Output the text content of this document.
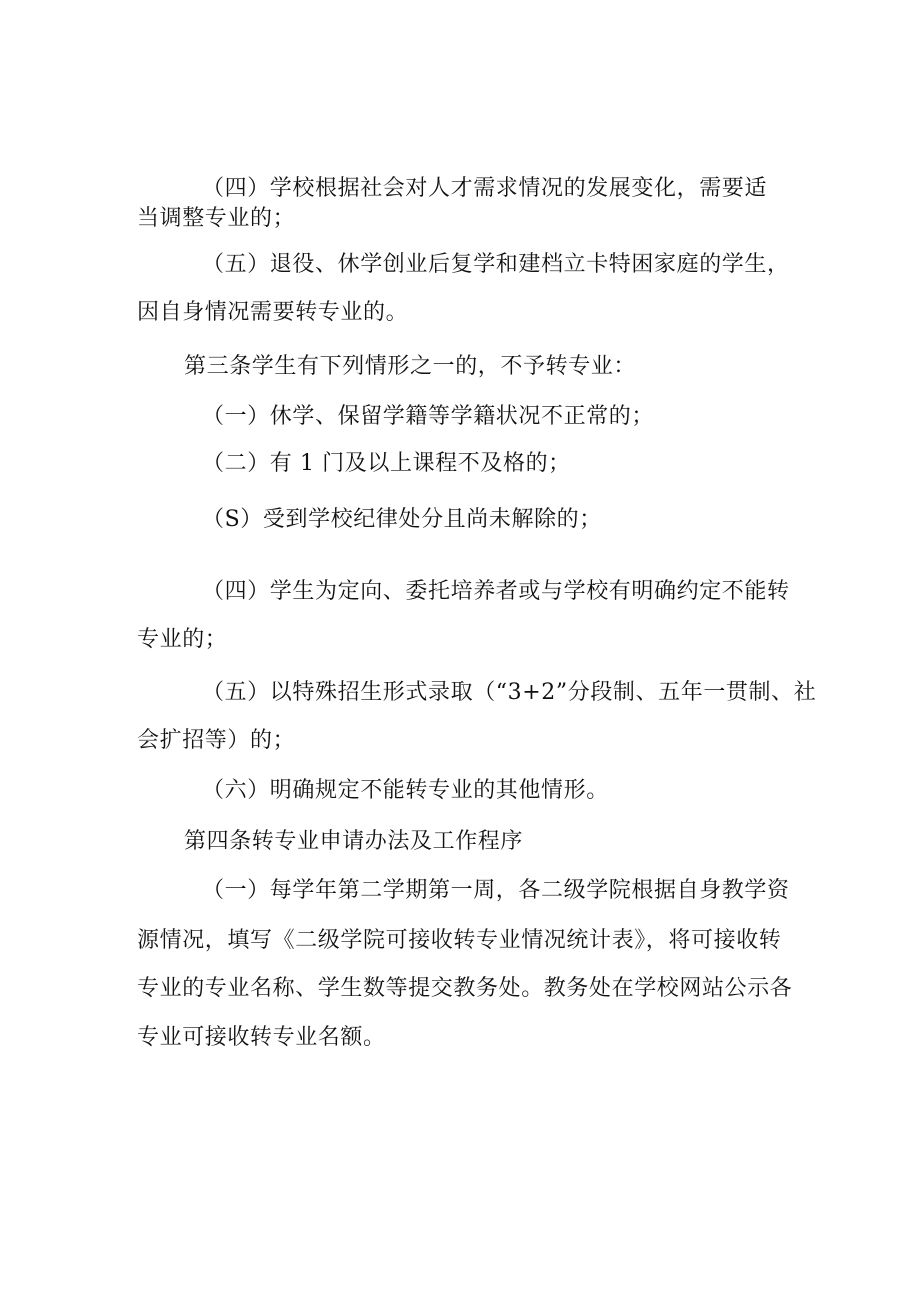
（四）学校根据社会对人才需求情况的发展变化，需要适
当调整专业的；
（五）退役、休学创业后复学和建档立卡特困家庭的学生，
因自身情况需要转专业的。
第三条学生有下列情形之一的，不予转专业：
（一）休学、保留学籍等学籍状况不正常的；
（二）有 1 门及以上课程不及格的；
（S）受到学校纪律处分且尚未解除的；
（四）学生为定向、委托培养者或与学校有明确约定不能转
专业的；
（五）以特殊招生形式录取（“3+2”分段制、五年一贯制、社
会扩招等）的；
（六）明确规定不能转专业的其他情形。
第四条转专业申请办法及工作程序
（一）每学年第二学期第一周，各二级学院根据自身教学资
源情况，填写《二级学院可接收转专业情况统计表》，将可接收转
专业的专业名称、学生数等提交教务处。教务处在学校网站公示各
专业可接收转专业名额。
